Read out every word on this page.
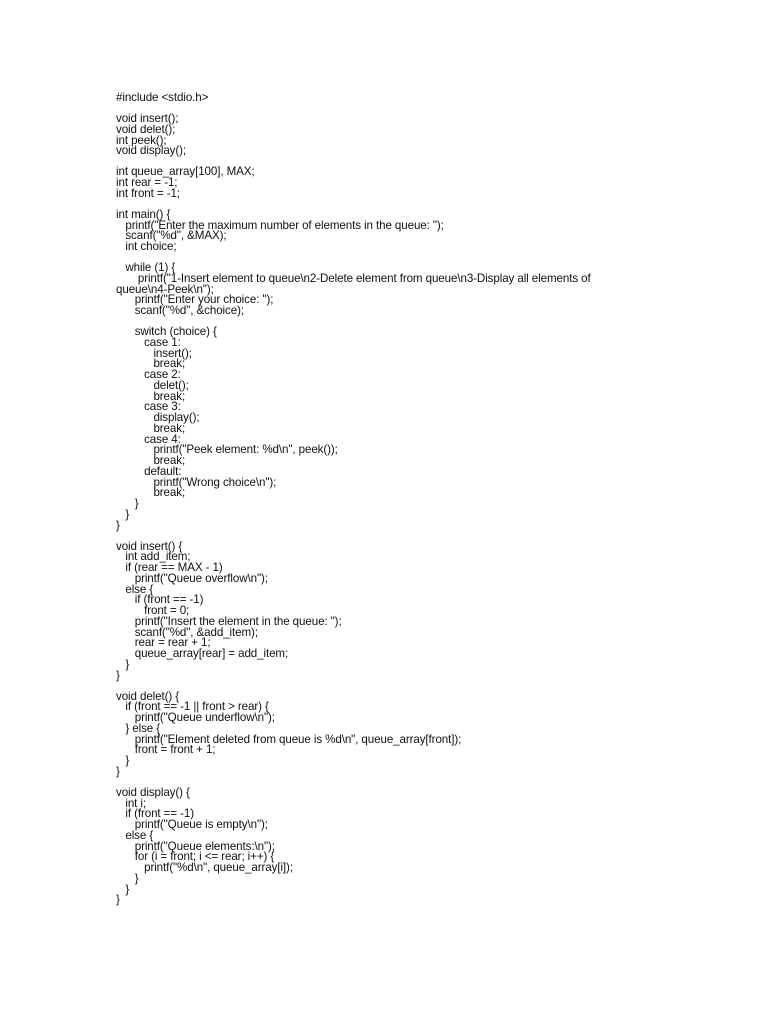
#include <stdio.h>
void insert();
void delet();
int peek();
void display();
int queue_array[100], MAX;
int rear = -1;
int front = -1;
int main() {
printf("Enter the maximum number of elements in the queue: ");
scanf("%d", &MAX);
int choice;
while (1) {
printf("1-Insert element to queue\n2-Delete element from queue\n3-Display all elements of
queue\n4-Peek\n");
printf("Enter your choice: ");
scanf("%d", &choice);
switch (choice) {
case 1:
insert();
break;
case 2:
delet();
break;
case 3:
display();
break;
case 4:
printf("Peek element: %d\n", peek());
break;
default:
printf("Wrong choice\n");
break;
}
}
}
void insert() {
int add_item;
if (rear == MAX - 1)
printf("Queue overflow\n");
else {
if (front == -1)
front = 0;
printf("Insert the element in the queue: ");
scanf("%d", &add_item);
rear = rear + 1;
queue_array[rear] = add_item;
}
}
void delet() {
if (front == -1 || front > rear) {
printf("Queue underflow\n");
} else {
printf("Element deleted from queue is %d\n", queue_array[front]);
front = front + 1;
}
}
void display() {
int i;
if (front == -1)
printf("Queue is empty\n");
else {
printf("Queue elements:\n");
for (i = front; i <= rear; i++) {
printf("%d\n", queue_array[i]);
}
}
}
